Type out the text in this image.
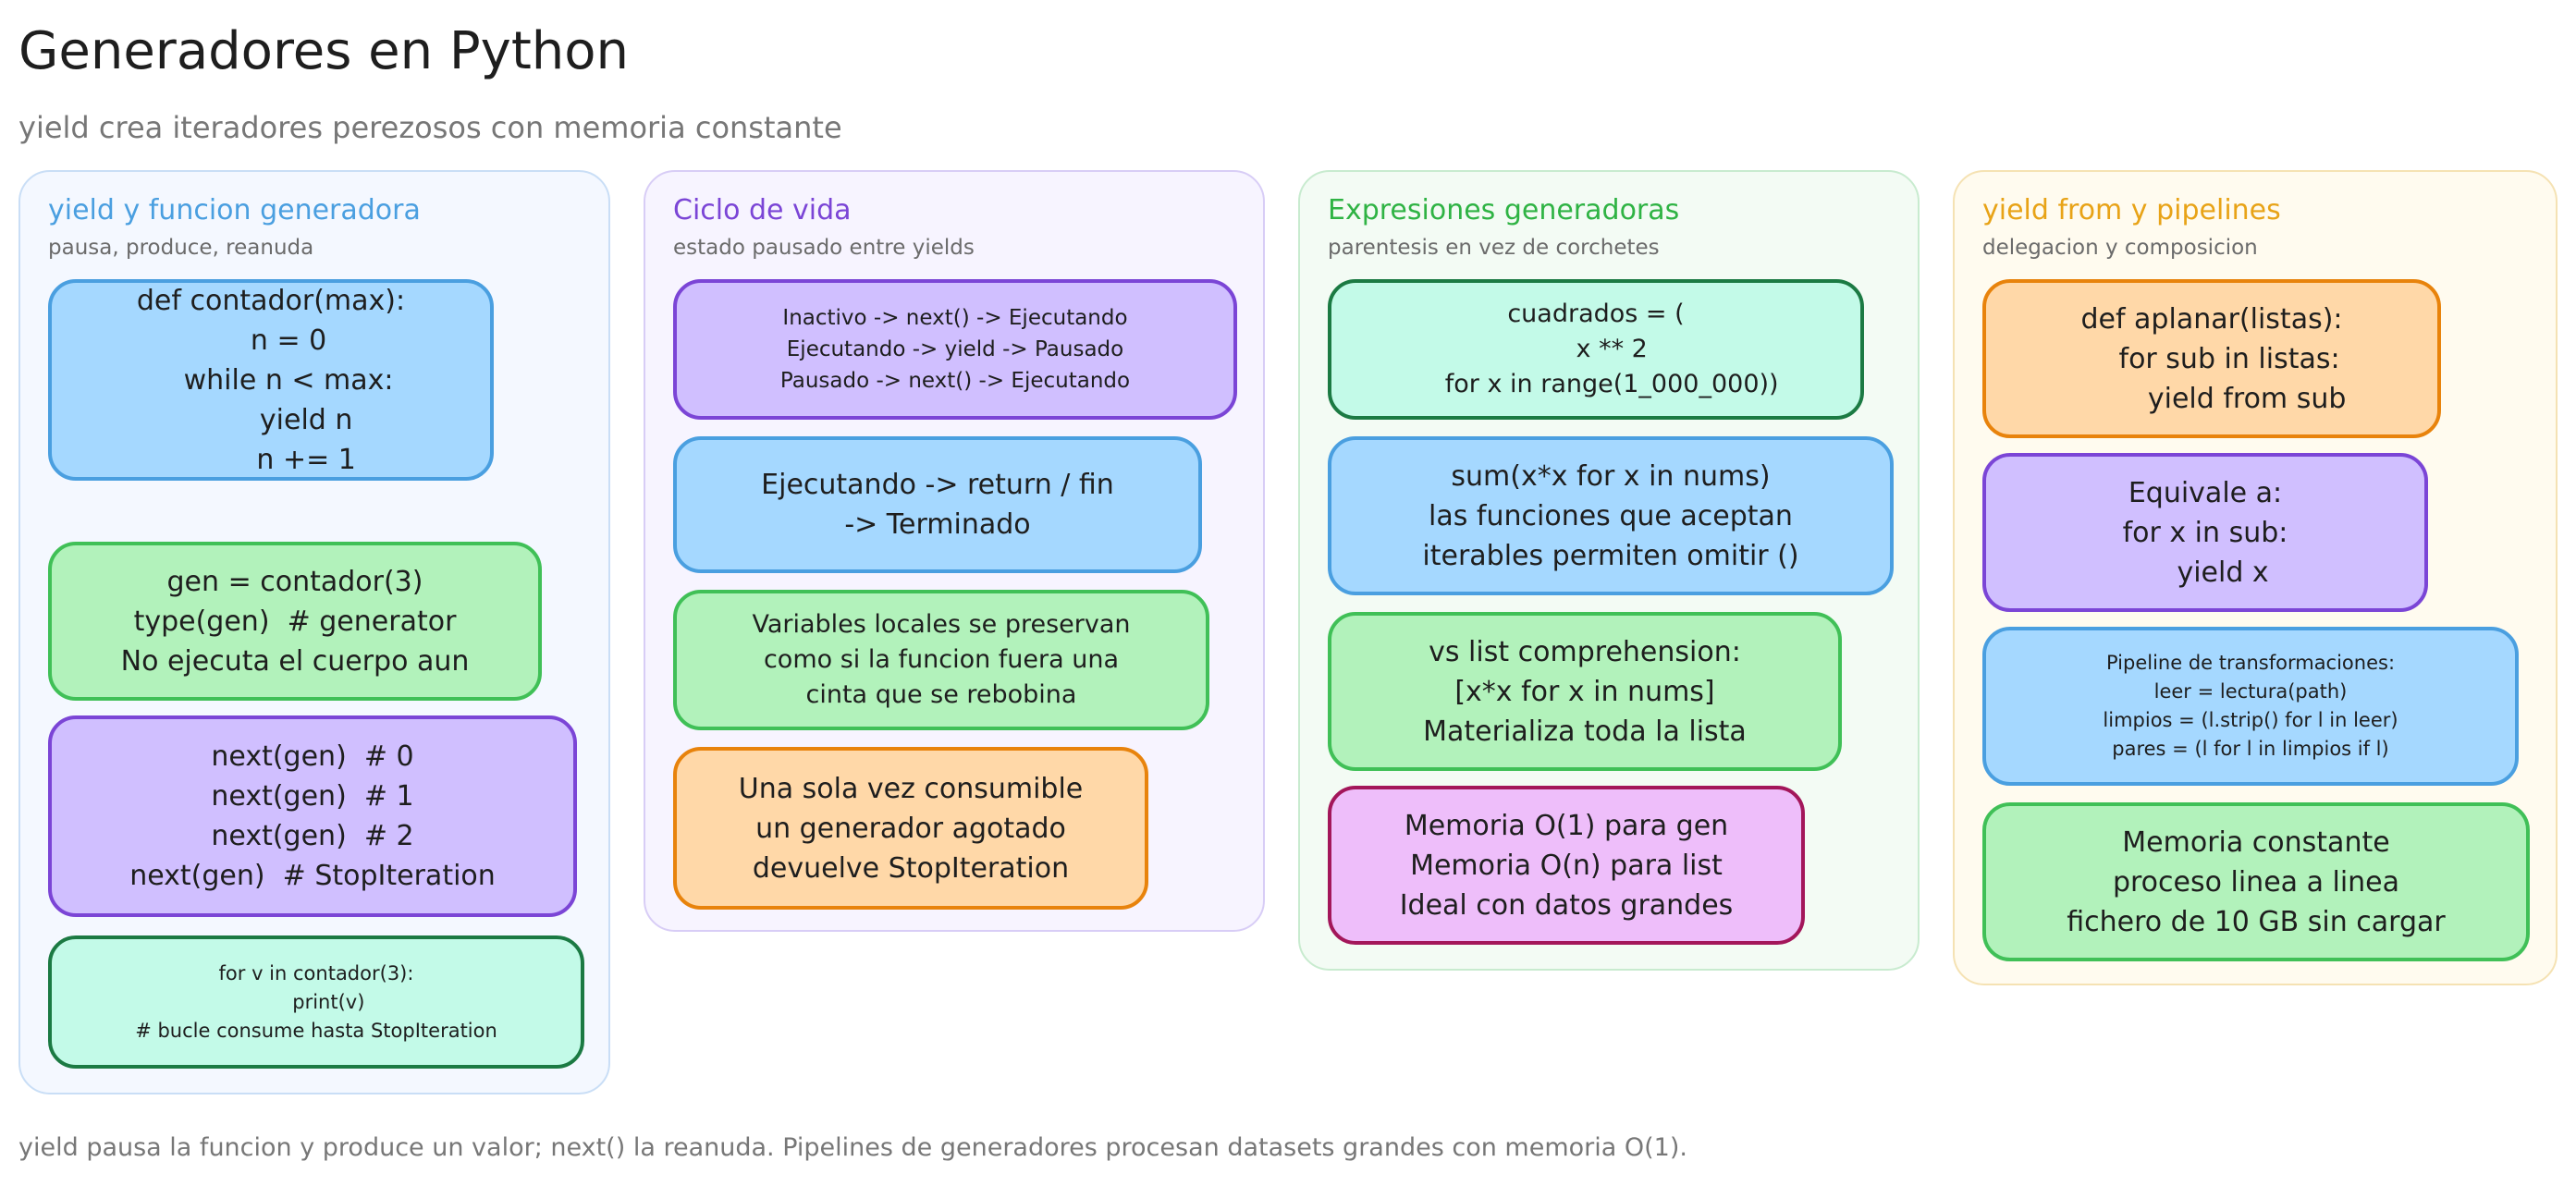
Generadores en Python
yield crea iteradores perezosos con memoria constante
yield y funcion generadora
pausa, produce, reanuda
def contador(max):
n = 0
while n < max:
yield n
n += 1
gen = contador(3)
type(gen)  # generator
No ejecuta el cuerpo aun
next(gen)  # 0
next(gen)  # 1
next(gen)  # 2
next(gen)  # StopIteration
for v in contador(3):
print(v)
# bucle consume hasta StopIteration
Ciclo de vida
estado pausado entre yields
Inactivo -> next() -> Ejecutando
Ejecutando -> yield -> Pausado
Pausado -> next() -> Ejecutando
Ejecutando -> return / fin
-> Terminado
Variables locales se preservan
como si la funcion fuera una
cinta que se rebobina
Una sola vez consumible
un generador agotado
devuelve StopIteration
Expresiones generadoras
parentesis en vez de corchetes
cuadrados = (
x ** 2
for x in range(1_000_000))
sum(x*x for x in nums)
las funciones que aceptan
iterables permiten omitir ()
vs list comprehension:
[x*x for x in nums]
Materializa toda la lista
Memoria O(1) para gen
Memoria O(n) para list
Ideal con datos grandes
yield from y pipelines
delegacion y composicion
def aplanar(listas):
for sub in listas:
yield from sub
Equivale a:
for x in sub:
yield x
Pipeline de transformaciones:
leer = lectura(path)
limpios = (l.strip() for l in leer)
pares = (l for l in limpios if l)
Memoria constante
proceso linea a linea
fichero de 10 GB sin cargar
yield pausa la funcion y produce un valor; next() la reanuda. Pipelines de generadores procesan datasets grandes con memoria O(1).
